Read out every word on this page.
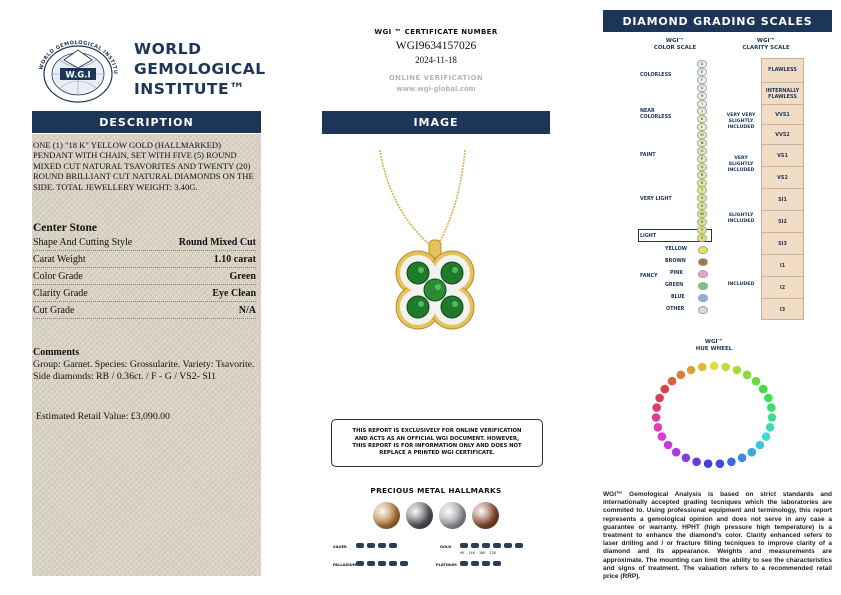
W.G.I
WORLD GEMOLOGICAL INSTITU
WORLD
GEMOLOGICAL
INSTITUTE™
DESCRIPTION
ONE (1) "18 K" YELLOW GOLD (HALLMARKED) PENDANT WITH CHAIN, SET WITH FIVE (5) ROUND MIXED CUT NATURAL TSAVORITES AND TWENTY (20) ROUND BRILLIANT CUT NATURAL DIAMONDS ON THE SIDE. TOTAL JEWELLERY WEIGHT: 3.40G.
Center Stone
Shape And Cutting Style	Round Mixed Cut
Carat Weight	1.10 carat
Color Grade	Green
Clarity Grade	Eye Clean
Cut Grade	N/A
Comments
Group: Garnet. Species: Grossularite. Variety: Tsavorite.
Side diamonds: RB / 0.36ct. / F - G / VS2- SI1
Estimated Retail Value: £3,090.00
WGI ™ CERTIFICATE NUMBER
WGI9634157026
2024-11-18
ONLINE VERIFICATION
www.wgi-global.com
IMAGE
THIS REPORT IS EXCLUSIVELY FOR ONLINE VERIFICATION AND ACTS AS AN OFFICIAL WGI DOCUMENT. HOWEVER, THIS REPORT IS FOR INFORMATION ONLY AND DOES NOT REPLACE A PRINTED WGI CERTIFICATE.
PRECIOUS METAL HALLMARKS
SILVER
PALLADIUM
GOLD
9K 14K 18K 22K
PLATINUM
DIAMOND GRADING SCALES
WGI™
COLOR SCALE
WGI™
CLARITY SCALE
COLORLESS
NEAR
COLORLESS
FAINT
VERY LIGHT
LIGHT
D
E
F
G
H
I
J
K
L
M
N
O
P
Q
R
S
T
U
V
W
X
Y
Z
YELLOW
BROWN
PINK
GREEN
BLUE
OTHER
FANCY
FLAWLESS
INTERNALLY FLAWLESS
VVS1
VVS2
VS1
VS2
SI1
SI2
SI3
I1
I2
I3
VERY VERY SLIGHTLY INCLUDED
VERY SLIGHTLY INCLUDED
SLIGHTLY INCLUDED
INCLUDED
WGI™
HUE WHEEL
WGI™ Gemological Analysis is based on strict standards and internationally accepted grading tecniques which the laboratories are commited to. Using professional equipment and terminology, this report represents a gemological opinion and does not serve in any case a guarantee or warranty. HPHT (high pressure high temperature) is a treatment to enhance the diamond's color. Clarity enhanced refers to laser drilling and / or fracture filling tecniques to improve clarity of a diamond and its appearance. Weights and measurements are approximate. The mounting can limit the ability to see the characteristics and signs of treatment. The valuation refers to a recommended retail price (RRP).
